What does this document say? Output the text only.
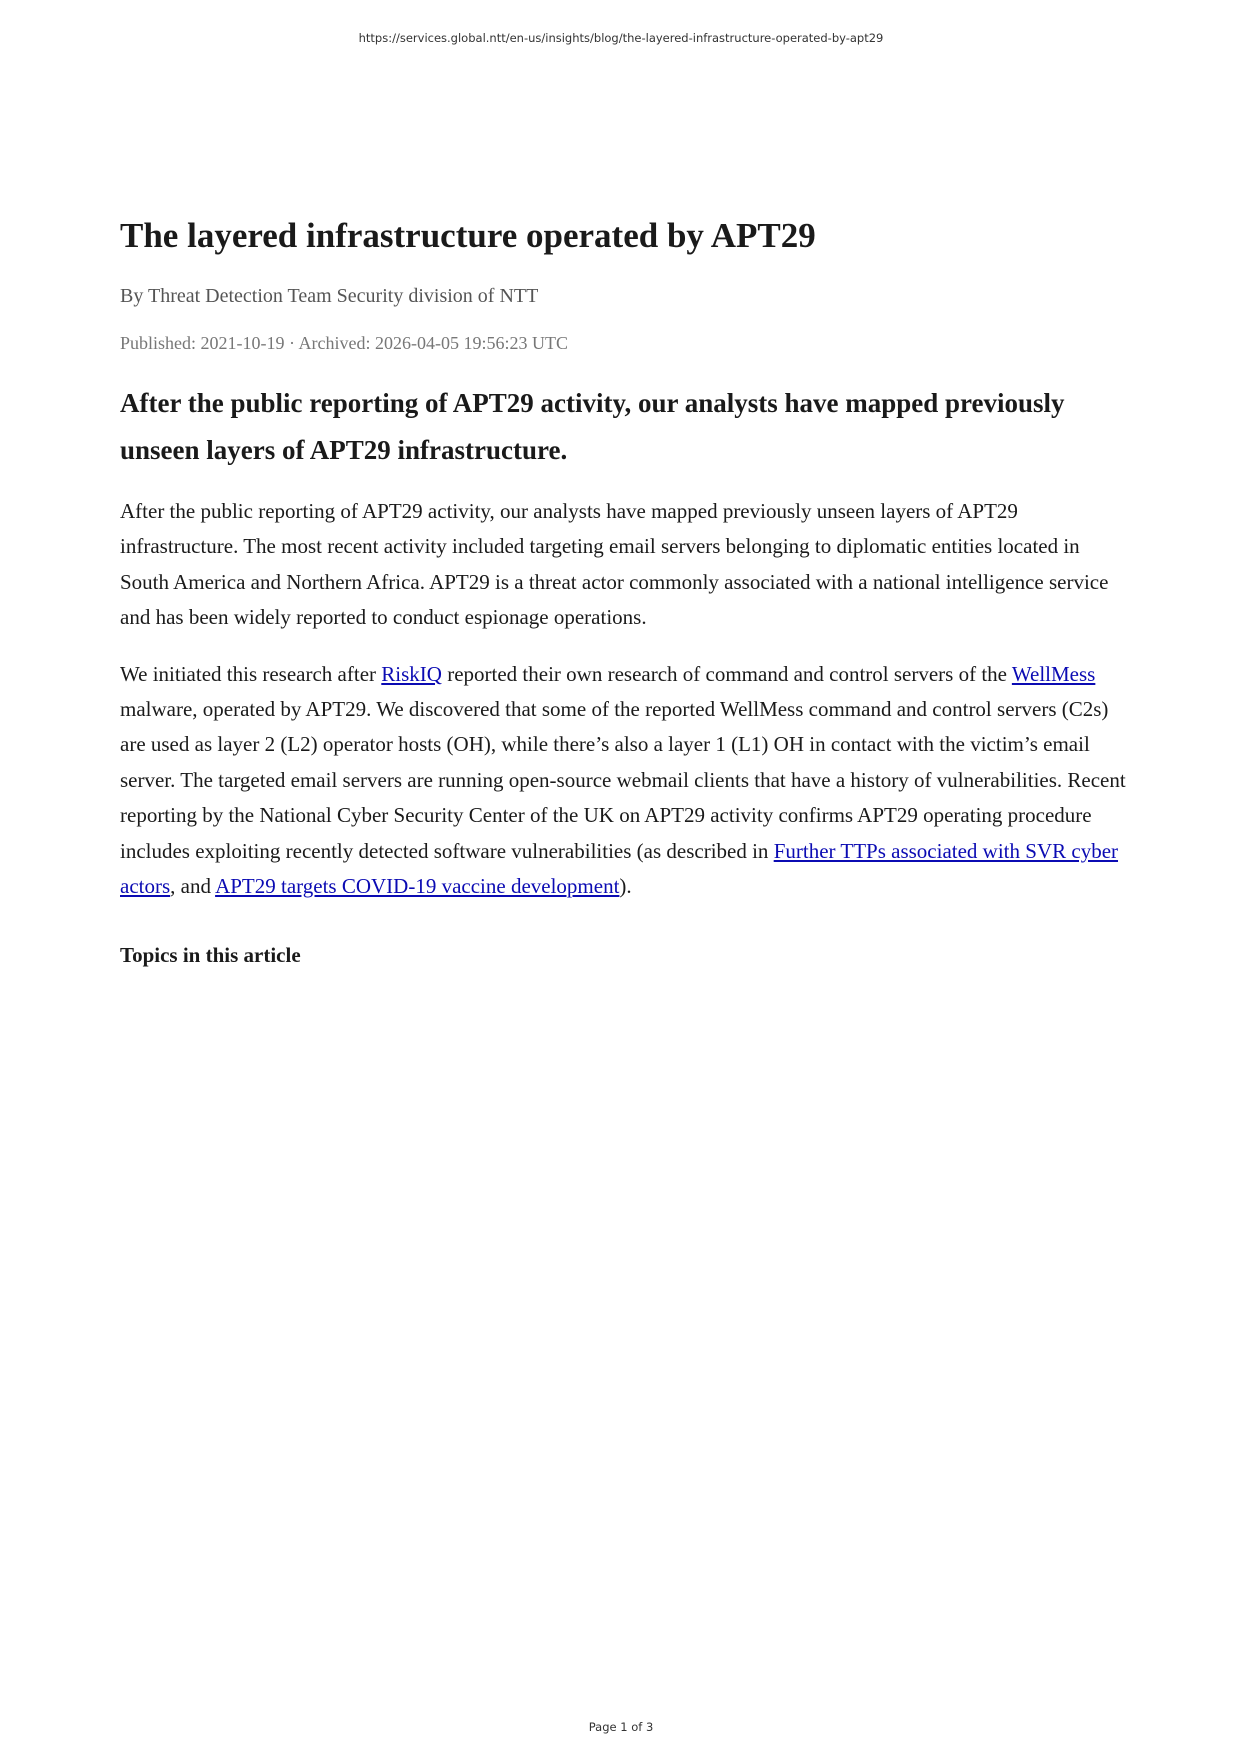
https://services.global.ntt/en-us/insights/blog/the-layered-infrastructure-operated-by-apt29
The layered infrastructure operated by APT29
By Threat Detection Team Security division of NTT
Published: 2021-10-19 · Archived: 2026-04-05 19:56:23 UTC
After the public reporting of APT29 activity, our analysts have mapped previously unseen layers of APT29 infrastructure.

After the public reporting of APT29 activity, our analysts have mapped previously unseen layers of APT29 infrastructure. The most recent activity included targeting email servers belonging to diplomatic entities located in South America and Northern Africa. APT29 is a threat actor commonly associated with a national intelligence service and has been widely reported to conduct espionage operations.

We initiated this research after RiskIQ reported their own research of command and control servers of the WellMess malware, operated by APT29. We discovered that some of the reported WellMess command and control servers (C2s) are used as layer 2 (L2) operator hosts (OH), while there’s also a layer 1 (L1) OH in contact with the victim’s email server. The targeted email servers are running open-source webmail clients that have a history of vulnerabilities. Recent reporting by the National Cyber Security Center of the UK on APT29 activity confirms APT29 operating procedure includes exploiting recently detected software vulnerabilities (as described in Further TTPs associated with SVR cyber actors, and APT29 targets COVID-19 vaccine development).

Topics in this article
Page 1 of 3
